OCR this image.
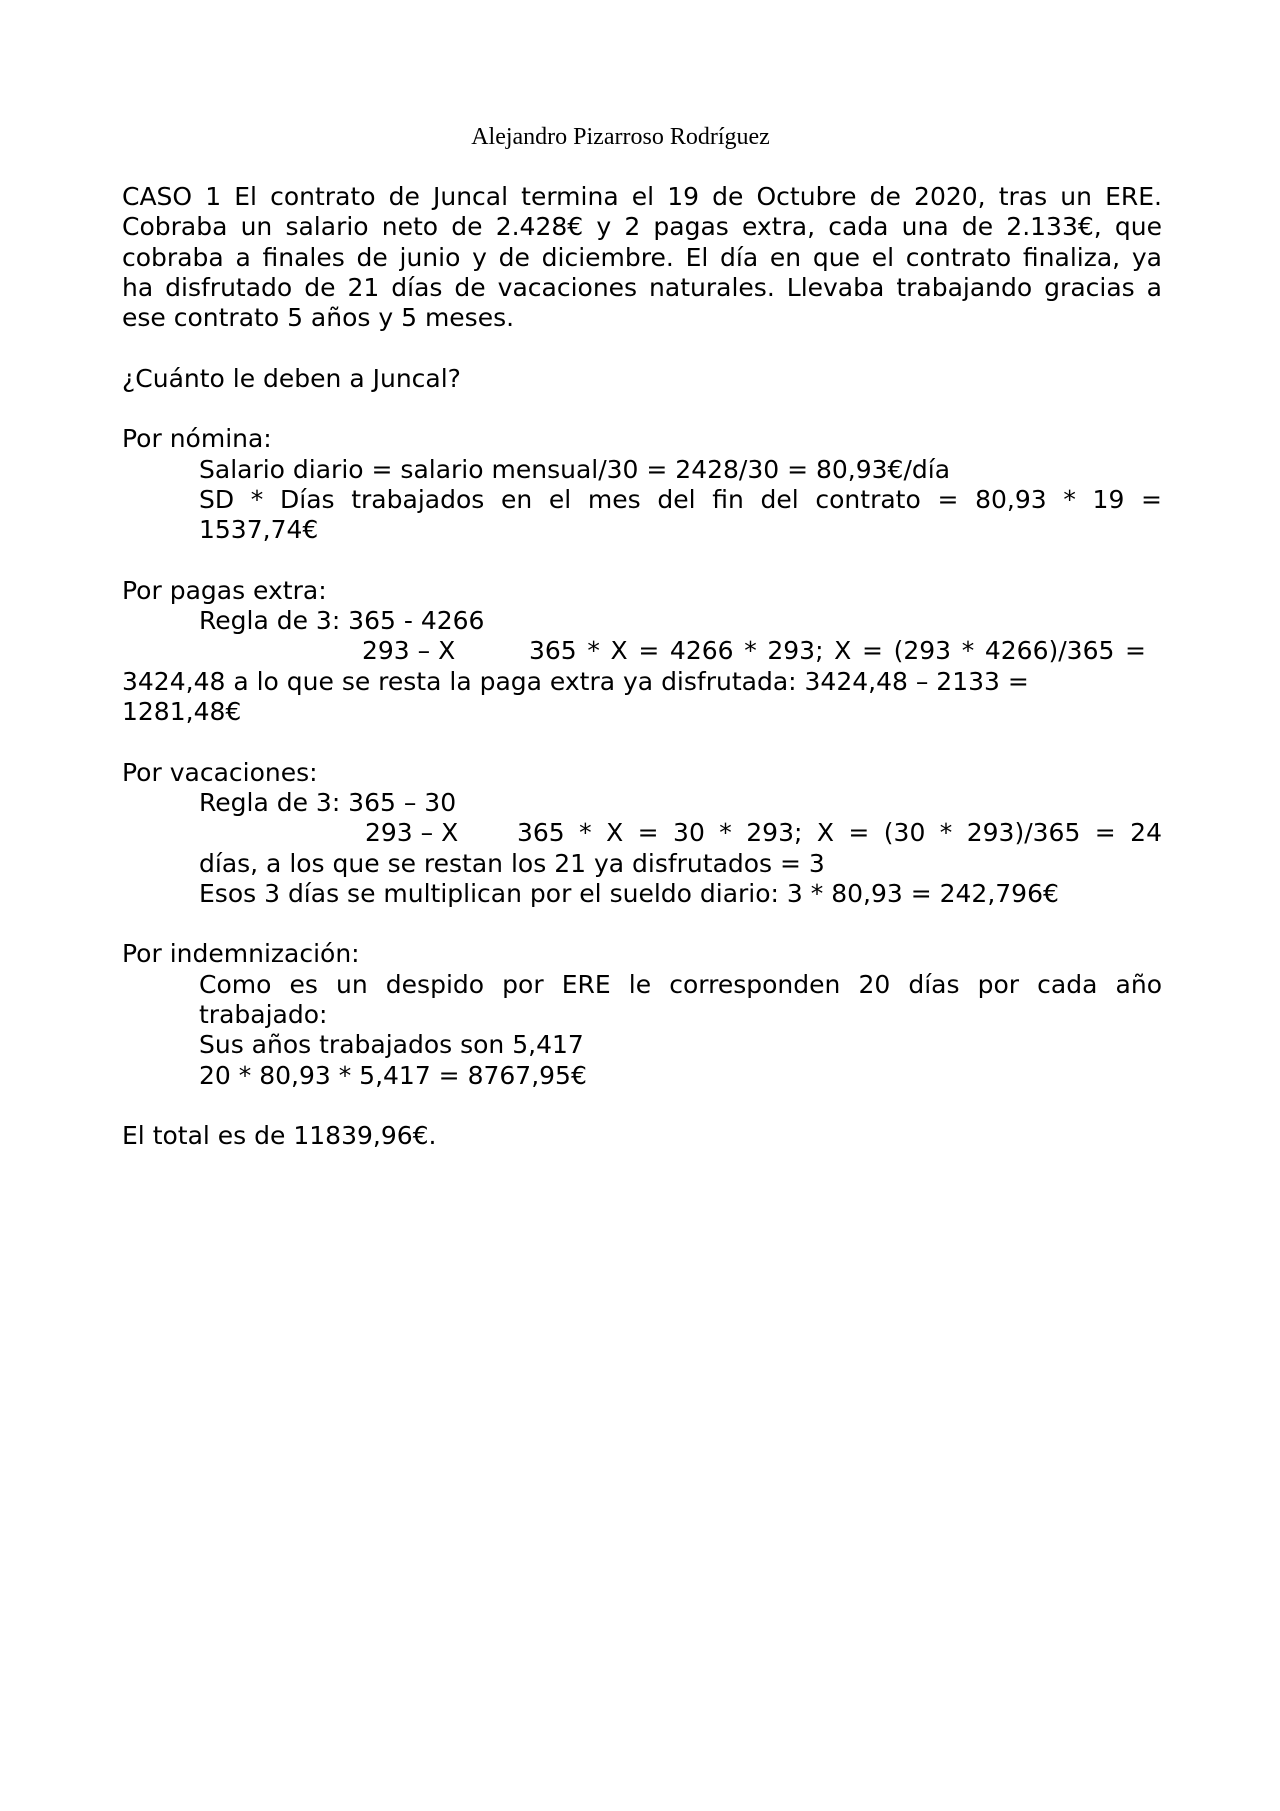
Alejandro Pizarroso Rodríguez
CASO 1 El contrato de Juncal termina el 19 de Octubre de 2020, tras un ERE.
Cobraba un salario neto de 2.428€ y 2 pagas extra, cada una de 2.133€, que
cobraba a finales de junio y de diciembre. El día en que el contrato finaliza, ya
ha disfrutado de 21 días de vacaciones naturales. Llevaba trabajando gracias a
ese contrato 5 años y 5 meses.
¿Cuánto le deben a Juncal?
Por nómina:
Salario diario = salario mensual/30 = 2428/30 = 80,93€/día
SD * Días trabajados en el mes del fin del contrato = 80,93 * 19 =
1537,74€
Por pagas extra:
Regla de 3: 365 - 4266
293 – X	365 * X = 4266 * 293; X = (293 * 4266)/365 =
3424,48 a lo que se resta la paga extra ya disfrutada: 3424,48 – 2133 =
1281,48€
Por vacaciones:
Regla de 3: 365 – 30
293 – X 365 * X = 30 * 293; X = (30 * 293)/365 = 24
días, a los que se restan los 21 ya disfrutados = 3
Esos 3 días se multiplican por el sueldo diario: 3 * 80,93 = 242,796€
Por indemnización:
Como es un despido por ERE le corresponden 20 días por cada año
trabajado:
Sus años trabajados son 5,417
20 * 80,93 * 5,417 = 8767,95€
El total es de 11839,96€.
